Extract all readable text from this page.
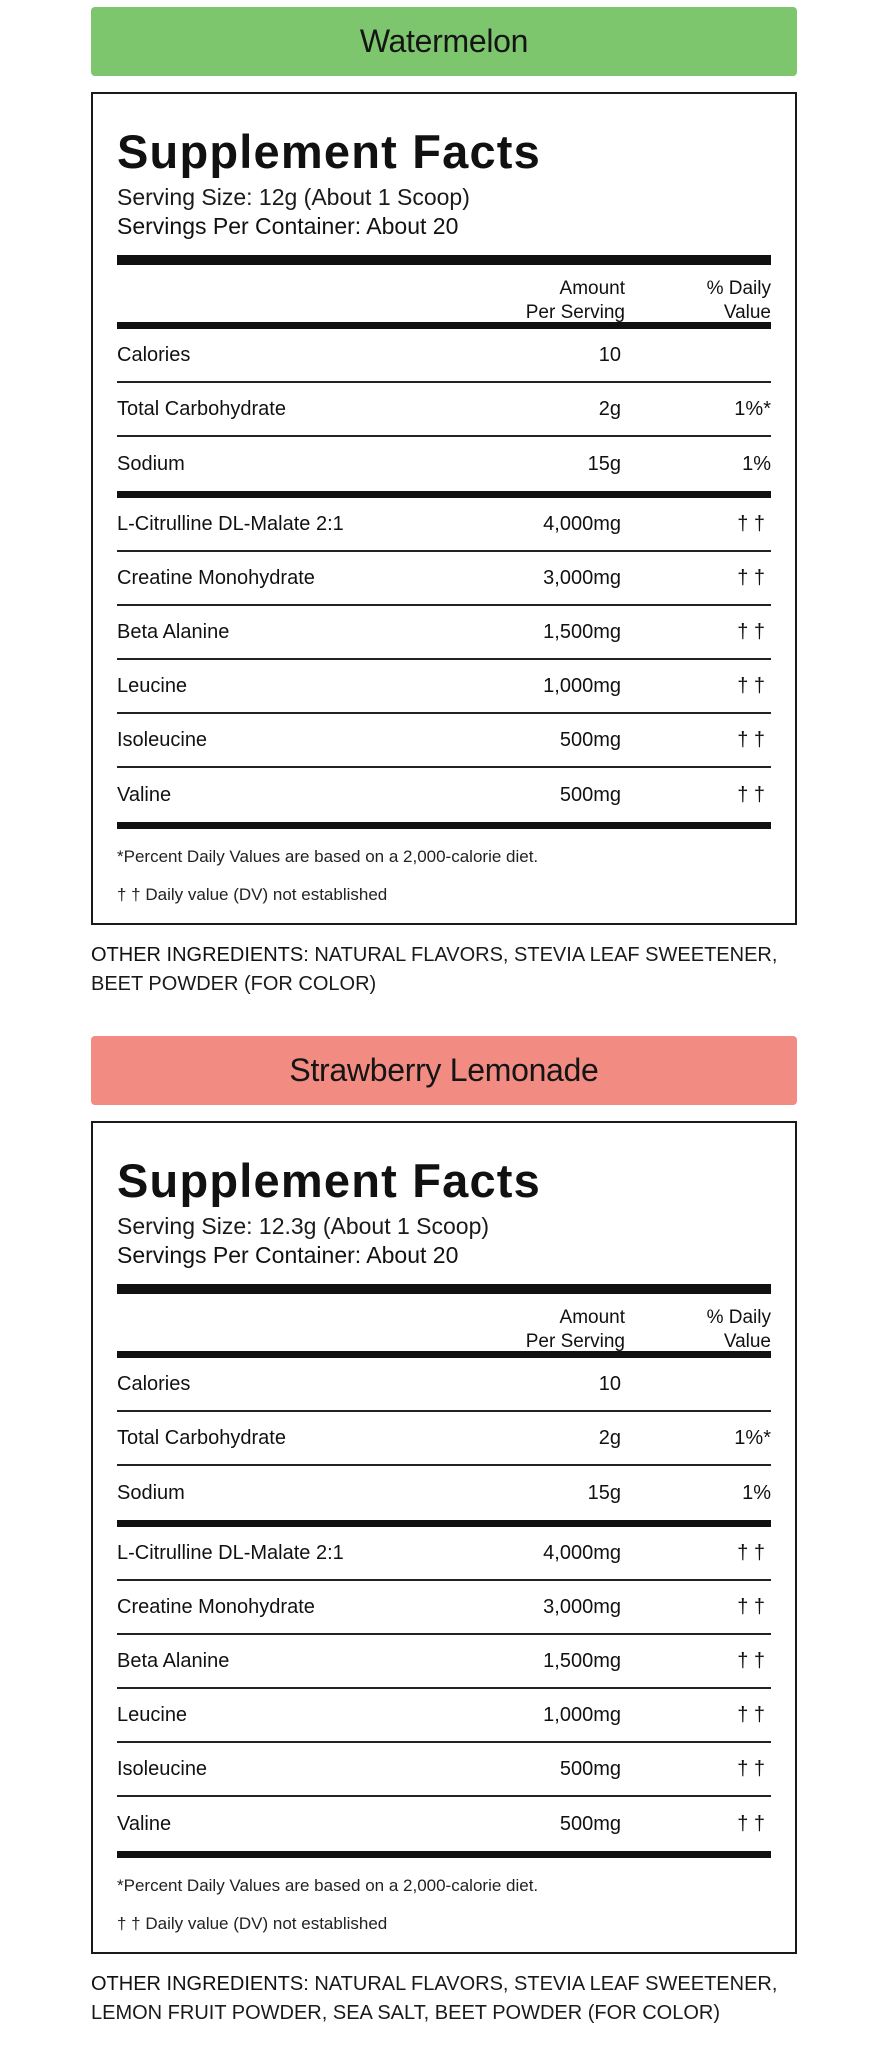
Watermelon
Supplement Facts
Serving Size: 12g (About 1 Scoop)
Servings Per Container: About 20
Amount
Per Serving
% Daily
Value
Calories	10
Total Carbohydrate	2g	1%*
Sodium	15g	1%
L-Citrulline DL-Malate 2:1	4,000mg	† †
Creatine Monohydrate	3,000mg	† †
Beta Alanine	1,500mg	† †
Leucine	1,000mg	† †
Isoleucine	500mg	† †
Valine	500mg	† †
*Percent Daily Values are based on a 2,000-calorie diet.
† † Daily value (DV) not established
OTHER INGREDIENTS: NATURAL FLAVORS, STEVIA LEAF SWEETENER, BEET POWDER (FOR COLOR)
Strawberry Lemonade
Supplement Facts
Serving Size: 12.3g (About 1 Scoop)
Servings Per Container: About 20
Amount
Per Serving
% Daily
Value
Calories	10
Total Carbohydrate	2g	1%*
Sodium	15g	1%
L-Citrulline DL-Malate 2:1	4,000mg	† †
Creatine Monohydrate	3,000mg	† †
Beta Alanine	1,500mg	† †
Leucine	1,000mg	† †
Isoleucine	500mg	† †
Valine	500mg	† †
*Percent Daily Values are based on a 2,000-calorie diet.
† † Daily value (DV) not established
OTHER INGREDIENTS: NATURAL FLAVORS, STEVIA LEAF SWEETENER, LEMON FRUIT POWDER, SEA SALT, BEET POWDER (FOR COLOR)
